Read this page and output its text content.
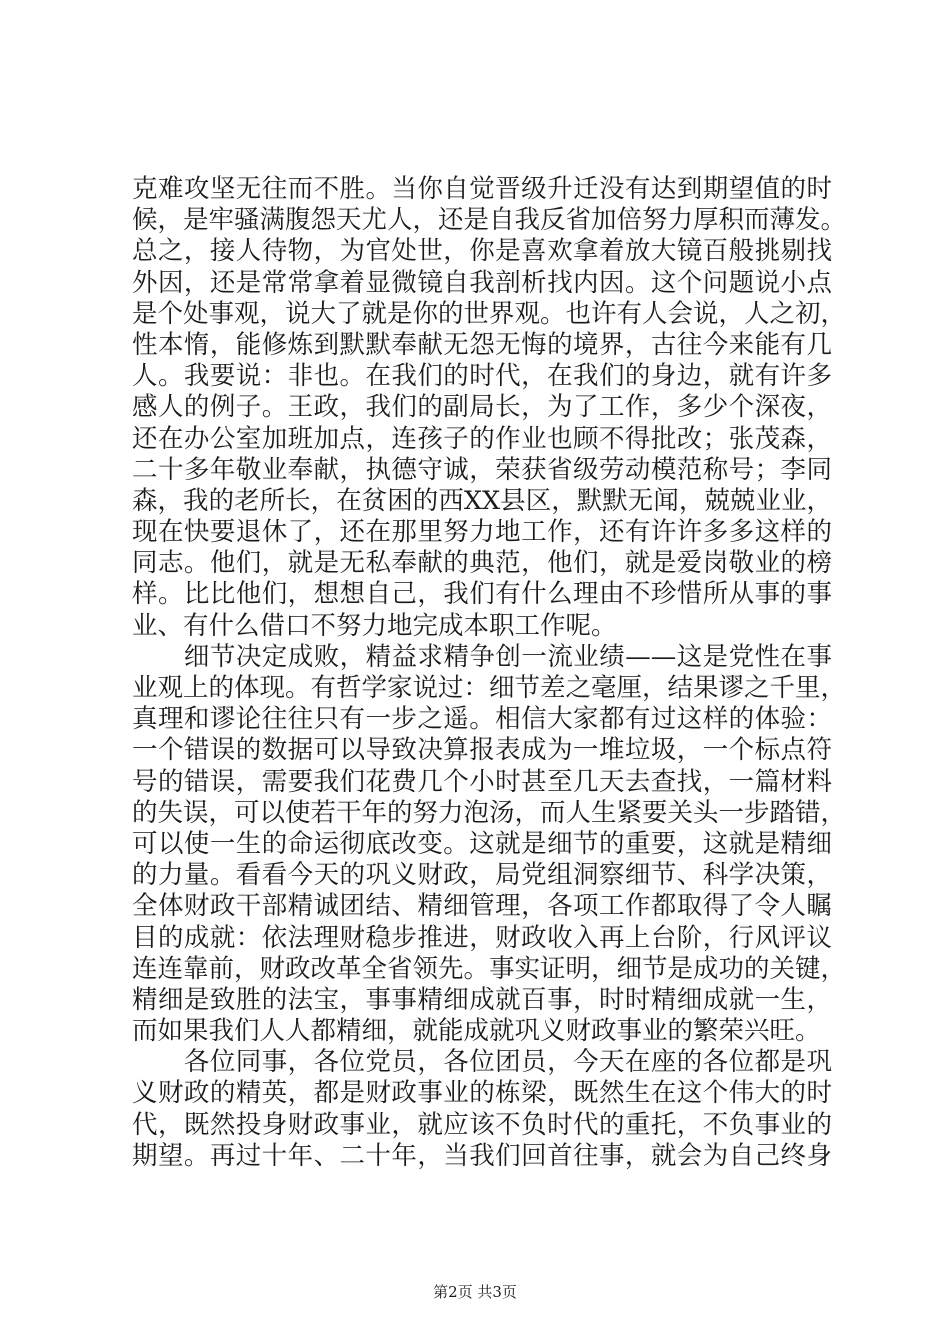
克难攻坚无往而不胜。当你自觉晋级升迁没有达到期望值的时
候，是牢骚满腹怨天尤人，还是自我反省加倍努力厚积而薄发。
总之，接人待物，为官处世，你是喜欢拿着放大镜百般挑剔找
外因，还是常常拿着显微镜自我剖析找内因。这个问题说小点
是个处事观，说大了就是你的世界观。也许有人会说，人之初，
性本惰，能修炼到默默奉献无怨无悔的境界，古往今来能有几
人。我要说：非也。在我们的时代，在我们的身边，就有许多
感人的例子。王政，我们的副局长，为了工作，多少个深夜，
还在办公室加班加点，连孩子的作业也顾不得批改；张茂森，
二十多年敬业奉献，执德守诚，荣获省级劳动模范称号；李同
森，我的老所长，在贫困的西XX县区，默默无闻，兢兢业业，
现在快要退休了，还在那里努力地工作，还有许许多多这样的
同志。他们，就是无私奉献的典范，他们，就是爱岗敬业的榜
样。比比他们，想想自己，我们有什么理由不珍惜所从事的事
业、有什么借口不努力地完成本职工作呢。
　　细节决定成败，精益求精争创一流业绩——这是党性在事
业观上的体现。有哲学家说过：细节差之毫厘，结果谬之千里，
真理和谬论往往只有一步之遥。相信大家都有过这样的体验：
一个错误的数据可以导致决算报表成为一堆垃圾，一个标点符
号的错误，需要我们花费几个小时甚至几天去查找，一篇材料
的失误，可以使若干年的努力泡汤，而人生紧要关头一步踏错，
可以使一生的命运彻底改变。这就是细节的重要，这就是精细
的力量。看看今天的巩义财政，局党组洞察细节、科学决策，
全体财政干部精诚团结、精细管理，各项工作都取得了令人瞩
目的成就：依法理财稳步推进，财政收入再上台阶，行风评议
连连靠前，财政改革全省领先。事实证明，细节是成功的关键，
精细是致胜的法宝，事事精细成就百事，时时精细成就一生，
而如果我们人人都精细，就能成就巩义财政事业的繁荣兴旺。
　　各位同事，各位党员，各位团员，今天在座的各位都是巩
义财政的精英，都是财政事业的栋梁，既然生在这个伟大的时
代，既然投身财政事业，就应该不负时代的重托，不负事业的
期望。再过十年、二十年，当我们回首往事，就会为自己终身
第2页 共3页
